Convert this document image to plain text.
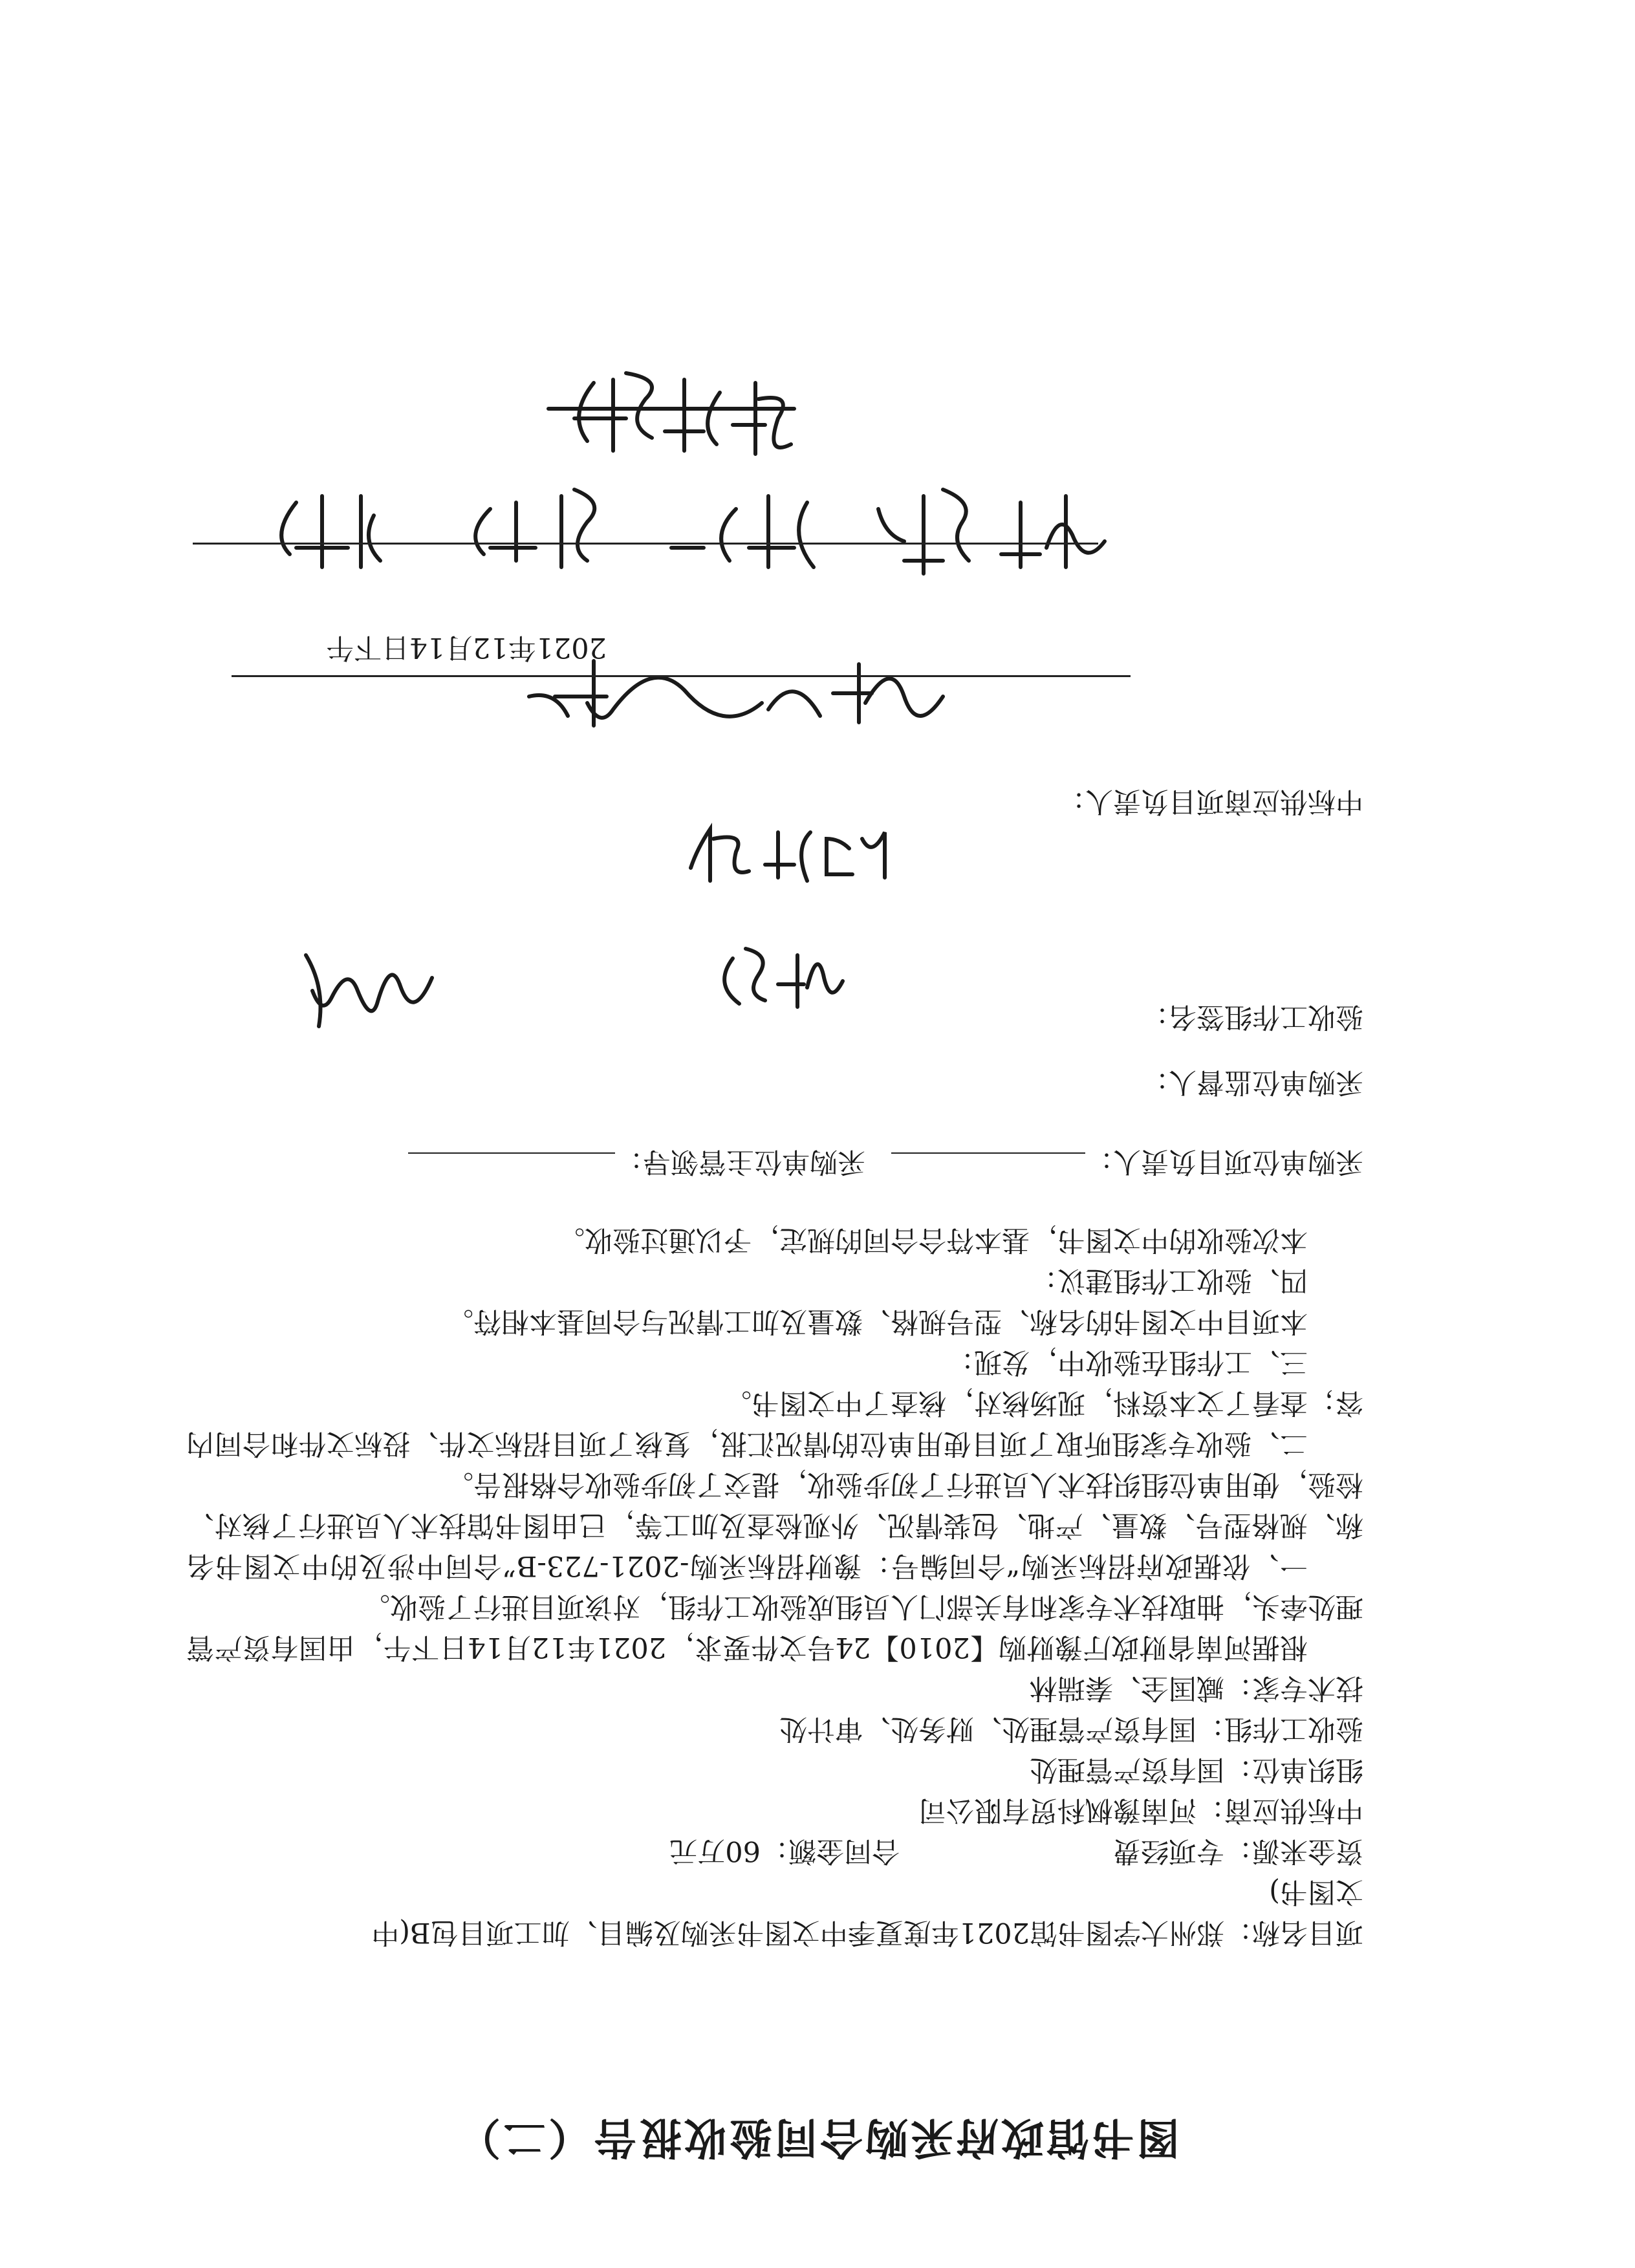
图书馆政府采购合同验收报告（二）
项目名称：郑州大学图书馆2021年度夏季中文图书采购及编目、加工项目包B(中
文图书)
资金来源：专项经费合同金额：60万元
中标供应商：河南豫枫科贸有限公司
组织单位：国有资产管理处
验收工作组：国有资产管理处、财务处、审计处
技术专家：臧国全、秦瑞林
根据河南省财政厅豫财购【2010】24号文件要求，2021年12月14日下午，由国有资产管理处牵头，抽取技术专家和有关部门人员组成验收工作组，对该项目进行了验收。
一、依据政府招标采购“合同编号：豫财招标采购-2021-723-B”合同中涉及的中文图书名称、规格型号、数量、产地、包装情况、外观检查及加工等，已由图书馆技术人员进行了核对、检验，使用单位组织技术人员进行了初步验收，提交了初步验收合格报告。
二、验收专家组听取了项目使用单位的情况汇报，复核了项目招标文件、投标文件和合同内容；查看了文本资料，现场核对，核查了中文图书。
三、工作组在验收中，发现：
本项目中文图书的名称、型号规格、数量及加工情况与合同基本相符。
四、验收工作组建议：
本次验收的中文图书，基本符合合同的规定，予以通过验收。
采购单位项目负责人：采购单位主管领导：
采购单位监督人：
验收工作组签名：
中标供应商项目负责人：
2021年12月14日下午
